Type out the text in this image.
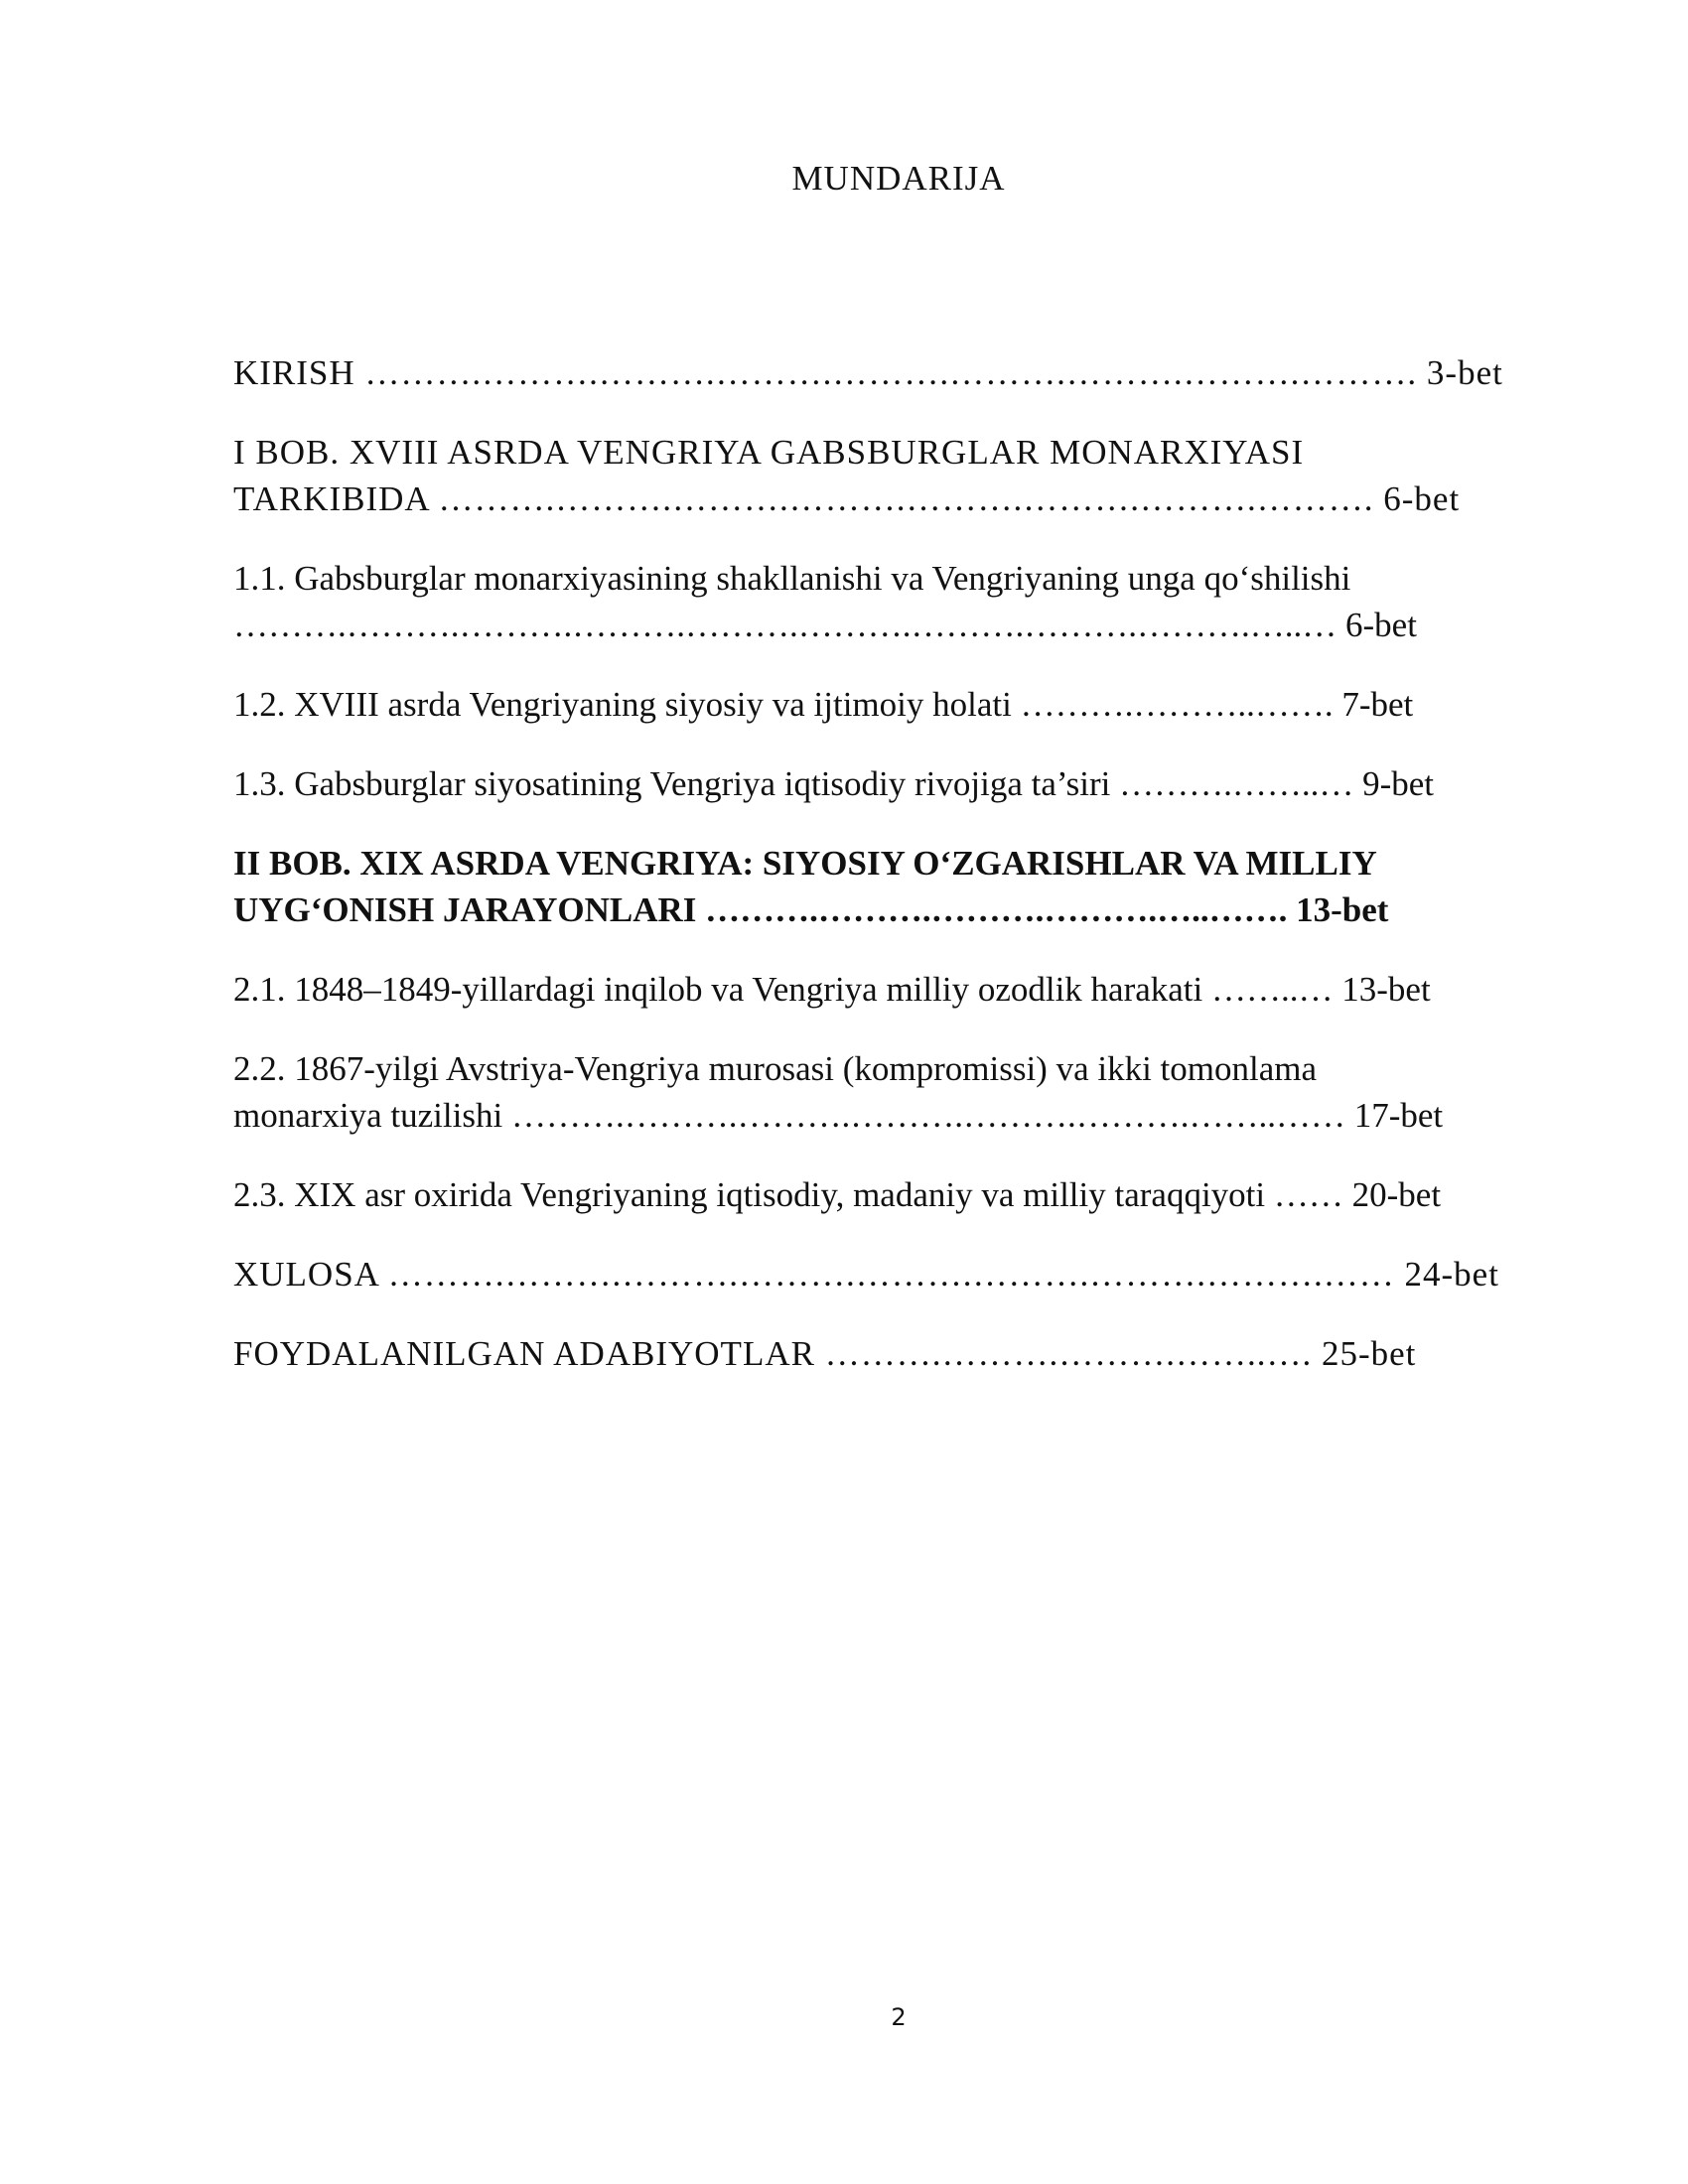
MUNDARIJA
KIRISH ……….……….……….……….……….……….……….……….………. 3-bet
I BOB. XVIII ASRDA VENGRIYA GABSBURGLAR MONARXIYASI
TARKIBIDA ……….……….……….……….……….……….……….………. 6-bet
1.1. Gabsburglar monarxiyasining shakllanishi va Vengriyaning unga qo‘shilishi
……….……….……….……….……….……….……….……….……….…..… 6-bet
1.2. XVIII asrda Vengriyaning siyosiy va ijtimoiy holati ……….………..……. 7-bet
1.3. Gabsburglar siyosatining Vengriya iqtisodiy rivojiga ta’siri ……….……..… 9-bet
II BOB. XIX ASRDA VENGRIYA: SIYOSIY O‘ZGARISHLAR VA MILLIY
UYG‘ONISH JARAYONLARI ……….……….……….……….…..……. 13-bet
2.1. 1848–1849-yillardagi inqilob va Vengriya milliy ozodlik harakati ……..… 13-bet
2.2. 1867-yilgi Avstriya-Vengriya murosasi (kompromissi) va ikki tomonlama
monarxiya tuzilishi ……….……….……….……….……….……….……..…… 17-bet
2.3. XIX asr oxirida Vengriyaning iqtisodiy, madaniy va milliy taraqqiyoti …… 20-bet
XULOSA ……….……….……….……….……….……….……….……….…… 24-bet
FOYDALANILGAN ADABIYOTLAR ……….……….……….……..…. 25-bet
2
